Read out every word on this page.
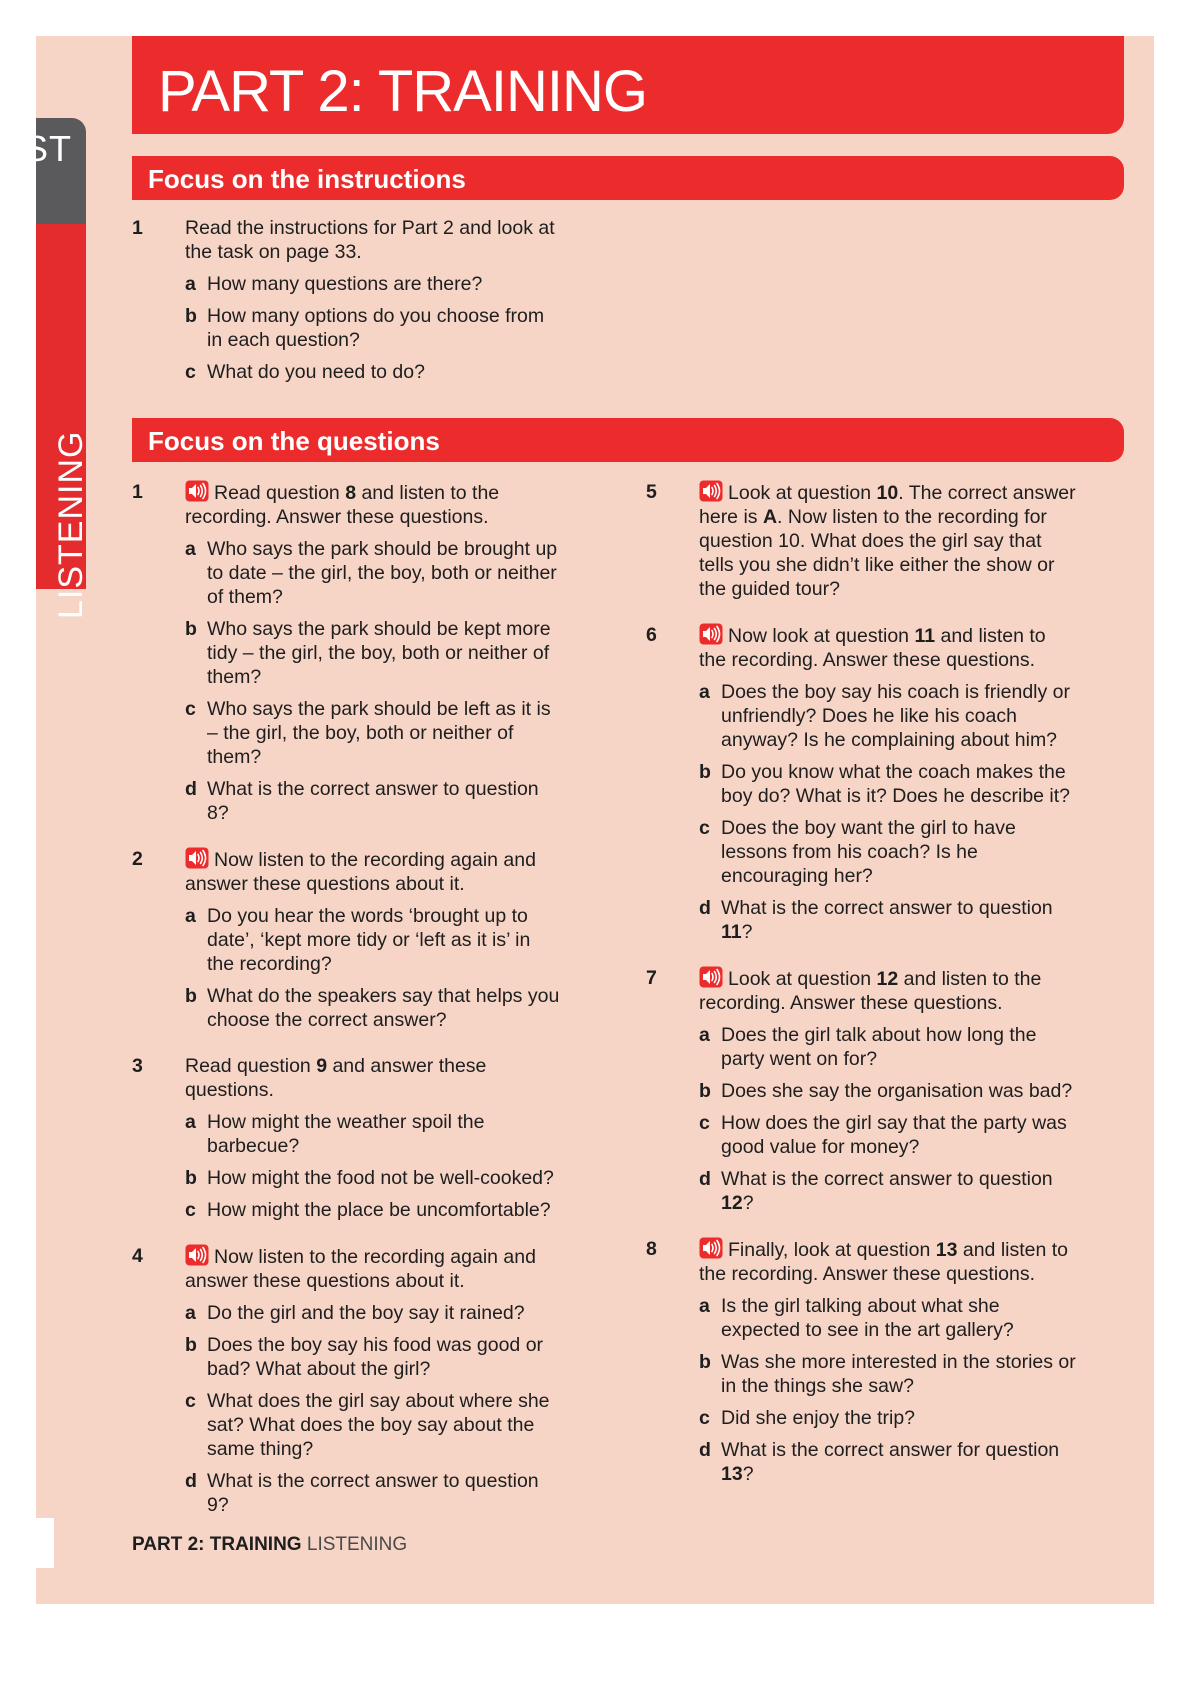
ST
LISTENING
PART 2: TRAINING
Focus on the instructions
Focus on the questions
1 Read the instructions for Part 2 and look at the task on page 33.
a How many questions are there?
b How many options do you choose from in each question?
c What do you need to do?
1	Read question 8 and listen to the recording. Answer these questions.
a Who says the park should be brought up to date – the girl, the boy, both or neither of them?
b Who says the park should be kept more tidy – the girl, the boy, both or neither of them?
c Who says the park should be left as it is – the girl, the boy, both or neither of them?
d What is the correct answer to question 8?
2	Now listen to the recording again and answer these questions about it.
a Do you hear the words ‘brought up to date’, ‘kept more tidy or ‘left as it is’ in the recording?
b What do the speakers say that helps you choose the correct answer?
3 Read question 9 and answer these questions.
a How might the weather spoil the barbecue?
b How might the food not be well-cooked?
c How might the place be uncomfortable?
4	Now listen to the recording again and answer these questions about it.
a Do the girl and the boy say it rained?
b Does the boy say his food was good or bad? What about the girl?
c What does the girl say about where she sat? What does the boy say about the same thing?
d What is the correct answer to question 9?
5	Look at question 10. The correct answer here is A. Now listen to the recording for question 10. What does the girl say that tells you she didn’t like either the show or the guided tour?
6	Now look at question 11 and listen to the recording. Answer these questions.
a Does the boy say his coach is friendly or unfriendly? Does he like his coach anyway? Is he complaining about him?
b Do you know what the coach makes the boy do? What is it? Does he describe it?
c Does the boy want the girl to have lessons from his coach? Is he encouraging her?
d What is the correct answer to question 11?
7	Look at question 12 and listen to the recording. Answer these questions.
a Does the girl talk about how long the party went on for?
b Does she say the organisation was bad?
c How does the girl say that the party was good value for money?
d What is the correct answer to question 12?
8	Finally, look at question 13 and listen to the recording. Answer these questions.
a Is the girl talking about what she expected to see in the art gallery?
b Was she more interested in the stories or in the things she saw?
c Did she enjoy the trip?
d What is the correct answer for question 13?
PART 2: TRAINING LISTENING
